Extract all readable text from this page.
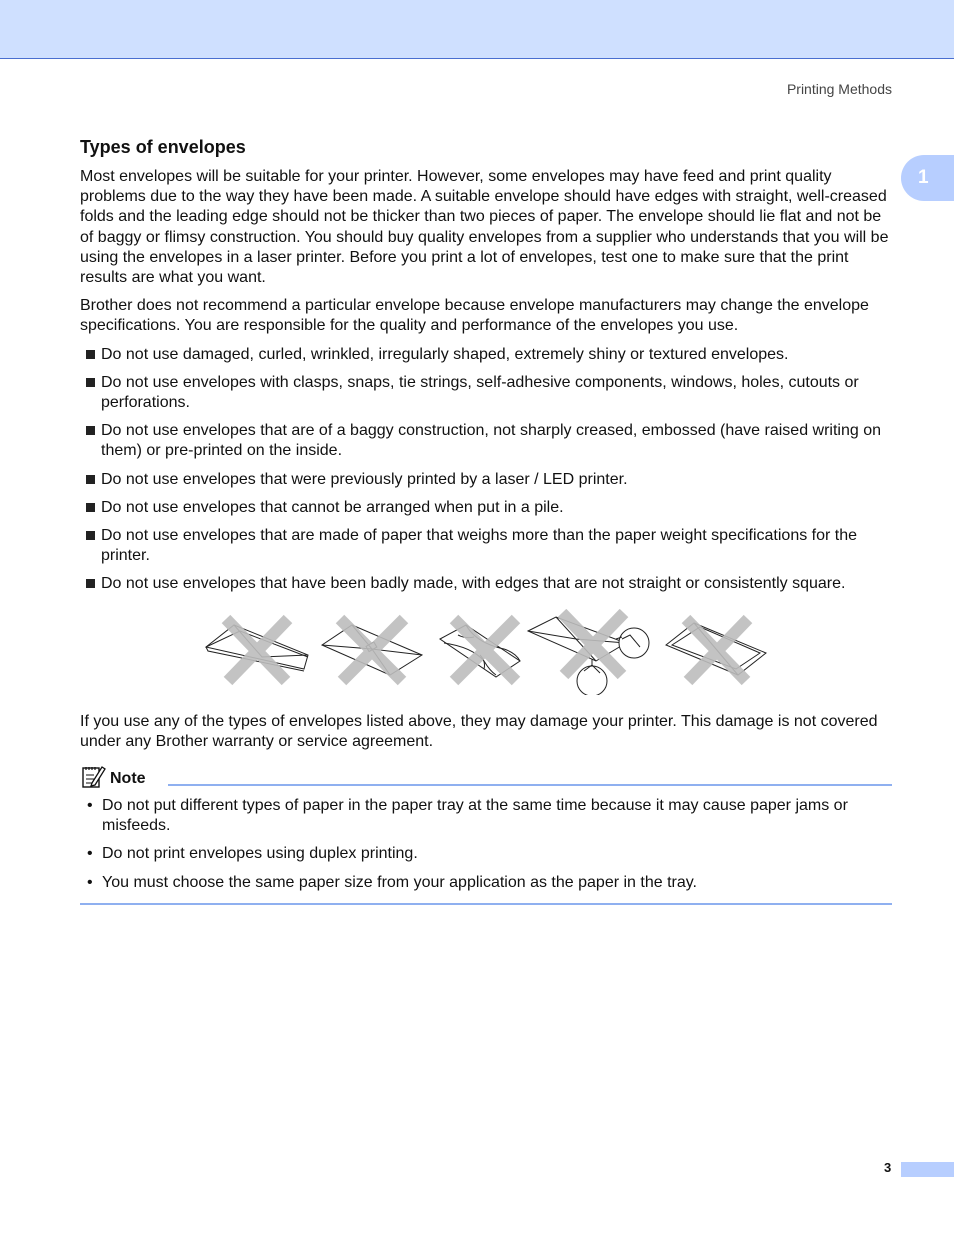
Printing Methods
1
Types of envelopes

Most envelopes will be suitable for your printer. However, some envelopes may have feed and print quality problems due to the way they have been made. A suitable envelope should have edges with straight, well-creased folds and the leading edge should not be thicker than two pieces of paper. The envelope should lie flat and not be of baggy or flimsy construction. You should buy quality envelopes from a supplier who understands that you will be using the envelopes in a laser printer. Before you print a lot of envelopes, test one to make sure that the print results are what you want.

Brother does not recommend a particular envelope because envelope manufacturers may change the envelope specifications. You are responsible for the quality and performance of the envelopes you use.

Do not use damaged, curled, wrinkled, irregularly shaped, extremely shiny or textured envelopes.
Do not use envelopes with clasps, snaps, tie strings, self-adhesive components, windows, holes, cutouts or perforations.
Do not use envelopes that are of a baggy construction, not sharply creased, embossed (have raised writing on them) or pre-printed on the inside.
Do not use envelopes that were previously printed by a laser / LED printer.
Do not use envelopes that cannot be arranged when put in a pile.
Do not use envelopes that are made of paper that weighs more than the paper weight specifications for the printer.
Do not use envelopes that have been badly made, with edges that are not straight or consistently square.

If you use any of the types of envelopes listed above, they may damage your printer. This damage is not covered under any Brother warranty or service agreement.

Note
• Do not put different types of paper in the paper tray at the same time because it may cause paper jams or misfeeds.
• Do not print envelopes using duplex printing.
• You must choose the same paper size from your application as the paper in the tray.
3
